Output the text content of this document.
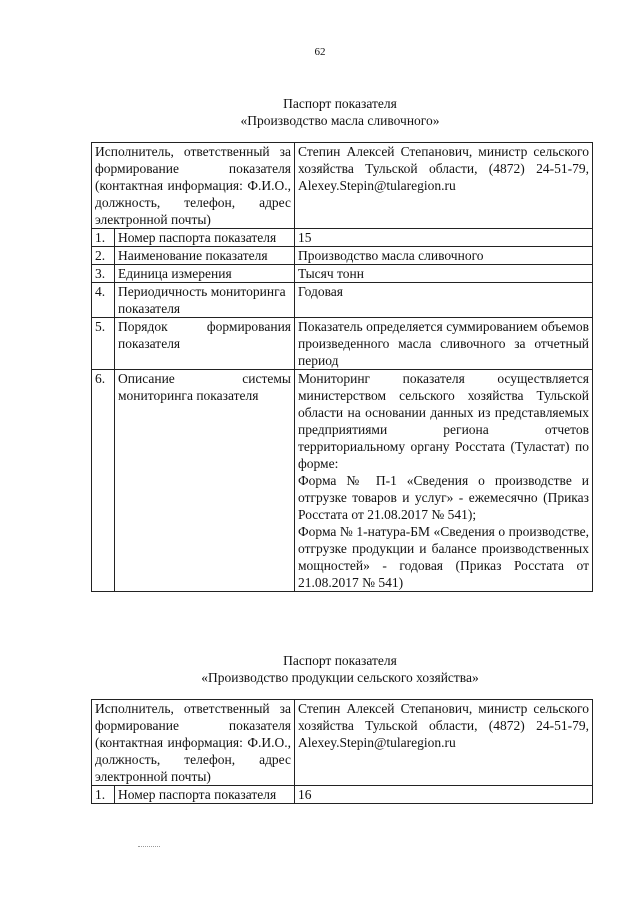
62
Паспорт показателя
«Производство масла сливочного»
Исполнитель, ответственный за формирование показателя (контактная информация: Ф.И.О., должность, телефон, адрес электронной почты)		Степин Алексей Степанович, министр сельского хозяйства Тульской области, (4872) 24-51-79, Alexey.Stepin@tularegion.ru
1.	Номер паспорта показателя	15
2.	Наименование показателя	Производство масла сливочного
3.	Единица измерения	Тысяч тонн
4.	Периодичность мониторинга показателя	Годовая
5.	Порядок формирования показателя	Показатель определяется суммированием объемов произведенного масла сливочного за отчетный период
6.	Описание системы мониторинга показателя	Мониторинг показателя осуществляется министерством сельского хозяйства Тульской области на основании данных из представляемых предприятиями региона отчетов территориальному органу Росстата (Туластат) по форме:
Форма № П-1 «Сведения о производстве и отгрузке товаров и услуг» - ежемесячно (Приказ Росстата от 21.08.2017 № 541);
Форма № 1-натура-БМ «Сведения о производстве, отгрузке продукции и балансе производственных мощностей» - годовая (Приказ Росстата от 21.08.2017 № 541)
Паспорт показателя
«Производство продукции сельского хозяйства»
Исполнитель, ответственный за формирование показателя (контактная информация: Ф.И.О., должность, телефон, адрес электронной почты)		Степин Алексей Степанович, министр сельского хозяйства Тульской области, (4872) 24-51-79, Alexey.Stepin@tularegion.ru
1.	Номер паспорта показателя	16
